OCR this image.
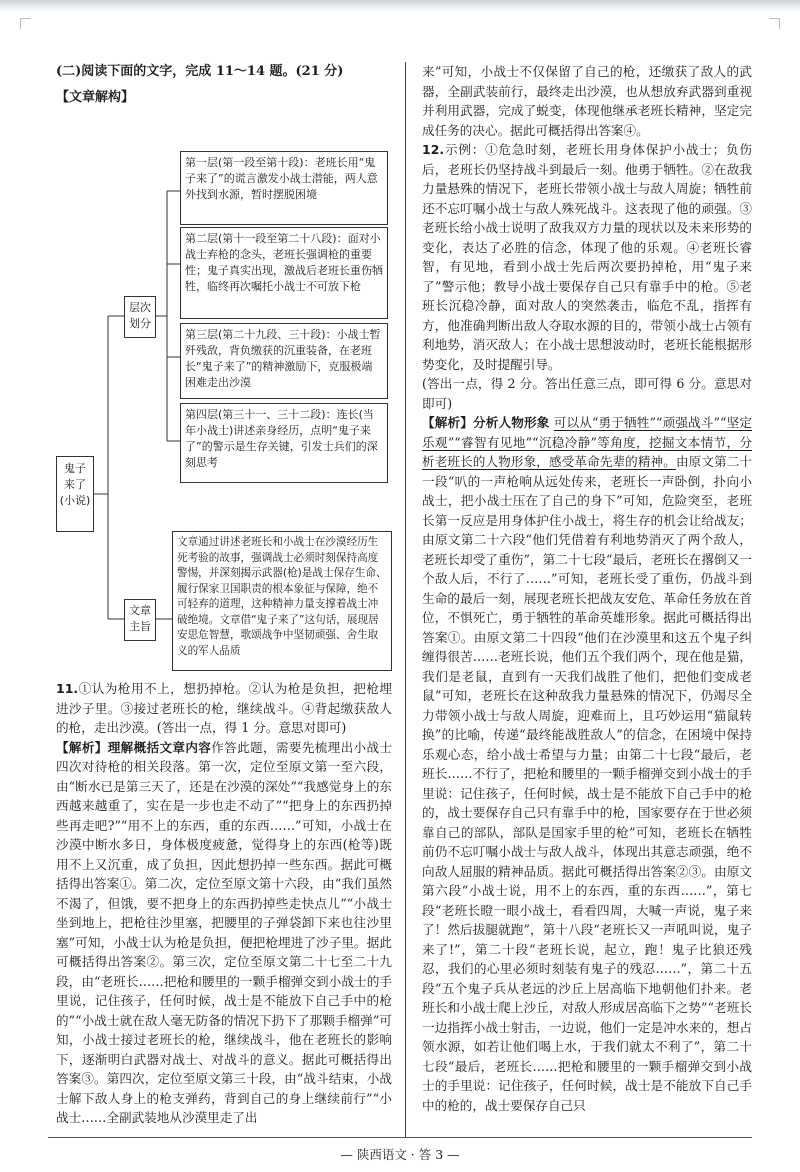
(二)阅读下面的文字，完成 11～14 题。(21 分)
【文章解构】
鬼子来了(小说)
层次划分
文章主旨
第一层(第一段至第十段)：老班长用“鬼子来了”的谎言激发小战士潜能，两人意外找到水源，暂时摆脱困境
第二层(第十一段至第二十八段)：面对小战士弃枪的念头，老班长强调枪的重要性；鬼子真实出现，激战后老班长重伤牺牲，临终再次嘱托小战士不可放下枪
第三层(第二十九段、三十段)：小战士暂歼残敌，背负缴获的沉重装备，在老班长“鬼子来了”的精神激励下，克服极端困难走出沙漠
第四层(第三十一、三十二段)：连长(当年小战士)讲述亲身经历，点明“鬼子来了”的警示是生存关键，引发士兵们的深刻思考
文章通过讲述老班长和小战士在沙漠经历生死考验的故事，强调战士必须时刻保持高度警惕，并深刻揭示武器(枪)是战士保存生命、履行保家卫国职责的根本象征与保障，绝不可轻弃的道理，这种精神力量支撑着战士冲破绝境。文章借“鬼子来了”这句话，展现居安思危智慧，歌颂战争中坚韧顽强、舍生取义的军人品质

11.①认为枪用不上，想扔掉枪。②认为枪是负担，把枪埋进沙子里。③接过老班长的枪，继续战斗。④背起缴获敌人的枪，走出沙漠。(答出一点，得 1 分。意思对即可)

【解析】理解概括文章内容作答此题，需要先梳理出小战士四次对待枪的相关段落。第一次，定位至原文第一至六段，由“断水已是第三天了，还是在沙漠的深处”“我感觉身上的东西越来越重了，实在是一步也走不动了”“把身上的东西扔掉些再走吧?”“用不上的东西，重的东西……”可知，小战士在沙漠中断水多日，身体极度疲惫，觉得身上的东西(枪等)既用不上又沉重，成了负担，因此想扔掉一些东西。据此可概括得出答案①。第二次，定位至原文第十六段，由“我们虽然不渴了，但饿，要不把身上的东西扔掉些走快点儿”“小战士坐到地上，把枪往沙里塞，把腰里的子弹袋卸下来也往沙里塞”可知，小战士认为枪是负担，便把枪埋进了沙子里。据此可概括得出答案②。第三次，定位至原文第二十七至二十九段，由“老班长……把枪和腰里的一颗手榴弹交到小战士的手里说，记住孩子，任何时候，战士是不能放下自己手中的枪的”“小战士就在敌人毫无防备的情况下扔下了那颗手榴弹”可知，小战士接过老班长的枪，继续战斗，他在老班长的影响下，逐渐明白武器对战士、对战斗的意义。据此可概括得出答案③。第四次，定位至原文第三十段，由“战斗结束，小战士解下敌人身上的枪支弹药，背到自己的身上继续前行”“小战士……全副武装地从沙漠里走了出

来”可知，小战士不仅保留了自己的枪，还缴获了敌人的武器，全副武装前行，最终走出沙漠，也从想放弃武器到重视并利用武器，完成了蜕变，体现他继承老班长精神，坚定完成任务的决心。据此可概括得出答案④。

12.示例：①危急时刻，老班长用身体保护小战士；负伤后，老班长仍坚持战斗到最后一刻。他勇于牺牲。②在敌我力量悬殊的情况下，老班长带领小战士与敌人周旋；牺牲前还不忘叮嘱小战士与敌人殊死战斗。这表现了他的顽强。③老班长给小战士说明了敌我双方力量的现状以及未来形势的变化，表达了必胜的信念，体现了他的乐观。④老班长睿智，有见地，看到小战士先后两次要扔掉枪，用“鬼子来了”警示他；教导小战士要保存自己只有靠手中的枪。⑤老班长沉稳冷静，面对敌人的突然袭击，临危不乱，指挥有方，他准确判断出敌人夺取水源的目的，带领小战士占领有利地势，消灭敌人；在小战士思想波动时，老班长能根据形势变化，及时提醒引导。

(答出一点，得 2 分。答出任意三点，即可得 6 分。意思对即可)

【解析】分析人物形象 可以从“勇于牺牲”“顽强战斗”“坚定乐观”“睿智有见地”“沉稳冷静”等角度，挖掘文本情节，分析老班长的人物形象，感受革命先辈的精神。由原文第二十一段“叭的一声枪响从远处传来，老班长一声卧倒，扑向小战士，把小战士压在了自己的身下”可知，危险突至，老班长第一反应是用身体护住小战士，将生存的机会让给战友；由原文第二十六段“他们凭借着有利地势消灭了两个敌人，老班长却受了重伤”，第二十七段“最后，老班长在撂倒又一个敌人后，不行了……”可知，老班长受了重伤，仍战斗到生命的最后一刻，展现老班长把战友安危、革命任务放在首位，不惧死亡，勇于牺牲的革命英雄形象。据此可概括得出答案①。由原文第二十四段“他们在沙漠里和这五个鬼子纠缠得很苦……老班长说，他们五个我们两个，现在他是猫，我们是老鼠，直到有一天我们战胜了他们，把他们变成老鼠”可知，老班长在这种敌我力量悬殊的情况下，仍竭尽全力带领小战士与敌人周旋，迎难而上，且巧妙运用“猫鼠转换”的比喻，传递“最终能战胜敌人”的信念，在困境中保持乐观心态，给小战士希望与力量；由第二十七段“最后，老班长……不行了，把枪和腰里的一颗手榴弹交到小战士的手里说：记住孩子，任何时候，战士是不能放下自己手中的枪的，战士要保存自己只有靠手中的枪，国家要存在于世必须靠自己的部队，部队是国家手里的枪”可知，老班长在牺牲前仍不忘叮嘱小战士与敌人战斗，体现出其意志顽强，绝不向敌人屈服的精神品质。据此可概括得出答案②③。由原文第六段“小战士说，用不上的东西，重的东西……”，第七段“老班长瞪一眼小战士，看看四周，大喊一声说，鬼子来了！然后拔腿就跑”，第十八段“老班长又一声吼叫说，鬼子来了!”，第二十段“老班长说，起立，跑！鬼子比狼还残忍，我们的心里必须时刻装有鬼子的残忍……”，第二十五段“五个鬼子兵从老远的沙丘上居高临下地朝他们扑来。老班长和小战士爬上沙丘，对敌人形成居高临下之势”“老班长一边指挥小战士射击，一边说，他们一定是冲水来的，想占领水源，如若让他们喝上水，于我们就太不利了”，第二十七段“最后，老班长……把枪和腰里的一颗手榴弹交到小战士的手里说：记住孩子，任何时候，战士是不能放下自己手中的枪的，战士要保存自己只

— 陕西语文 · 答 3 —
